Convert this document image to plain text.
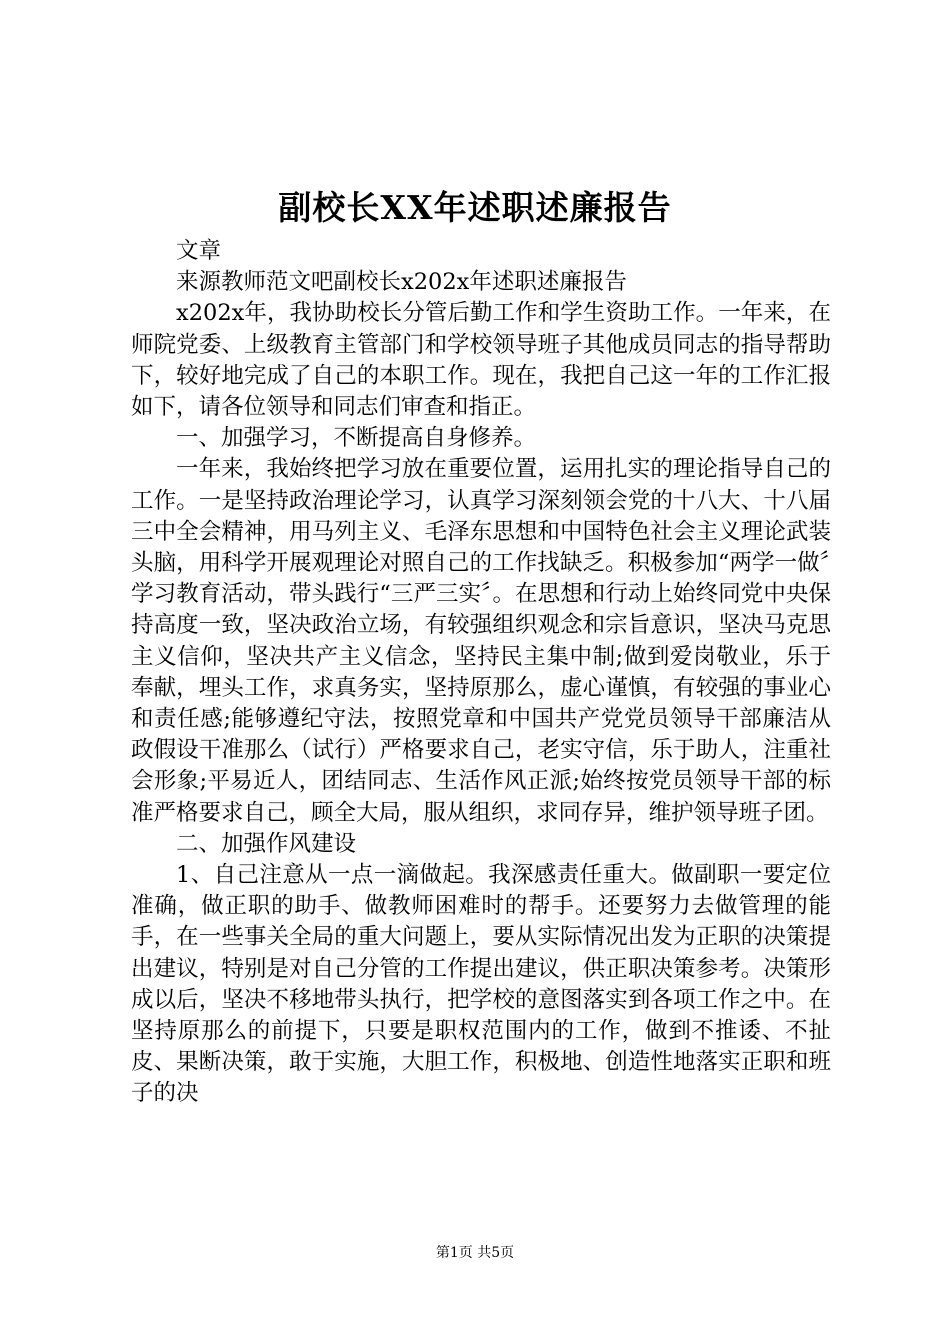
副校长XX年述职述廉报告

文章

来源教师范文吧副校长x202x年述职述廉报告

x202x年，我协助校长分管后勤工作和学生资助工作。一年来，在师院党委、上级教育主管部门和学校领导班子其他成员同志的指导帮助下，较好地完成了自己的本职工作。现在，我把自己这一年的工作汇报如下，请各位领导和同志们审查和指正。

一、加强学习，不断提高自身修养。

一年来，我始终把学习放在重要位置，运用扎实的理论指导自己的工作。一是坚持政治理论学习，认真学习深刻领会党的十八大、十八届三中全会精神，用马列主义、毛泽东思想和中国特色社会主义理论武装头脑，用科学开展观理论对照自己的工作找缺乏。积极参加“两学一做〞学习教育活动，带头践行“三严三实〞。在思想和行动上始终同党中央保持高度一致，坚决政治立场，有较强组织观念和宗旨意识，坚决马克思主义信仰，坚决共产主义信念，坚持民主集中制;做到爱岗敬业，乐于奉献，埋头工作，求真务实，坚持原那么，虚心谨慎，有较强的事业心和责任感;能够遵纪守法，按照党章和中国共产党党员领导干部廉洁从政假设干准那么（试行）严格要求自己，老实守信，乐于助人，注重社会形象;平易近人，团结同志、生活作风正派;始终按党员领导干部的标准严格要求自己，顾全大局，服从组织，求同存异，维护领导班子团。

二、加强作风建设

1、自己注意从一点一滴做起。我深感责任重大。做副职一要定位准确，做正职的助手、做教师困难时的帮手。还要努力去做管理的能手，在一些事关全局的重大问题上，要从实际情况出发为正职的决策提出建议，特别是对自己分管的工作提出建议，供正职决策参考。决策形成以后，坚决不移地带头执行，把学校的意图落实到各项工作之中。在坚持原那么的前提下，只要是职权范围内的工作，做到不推诿、不扯皮、果断决策，敢于实施，大胆工作，积极地、创造性地落实正职和班子的决

第1页 共5页
